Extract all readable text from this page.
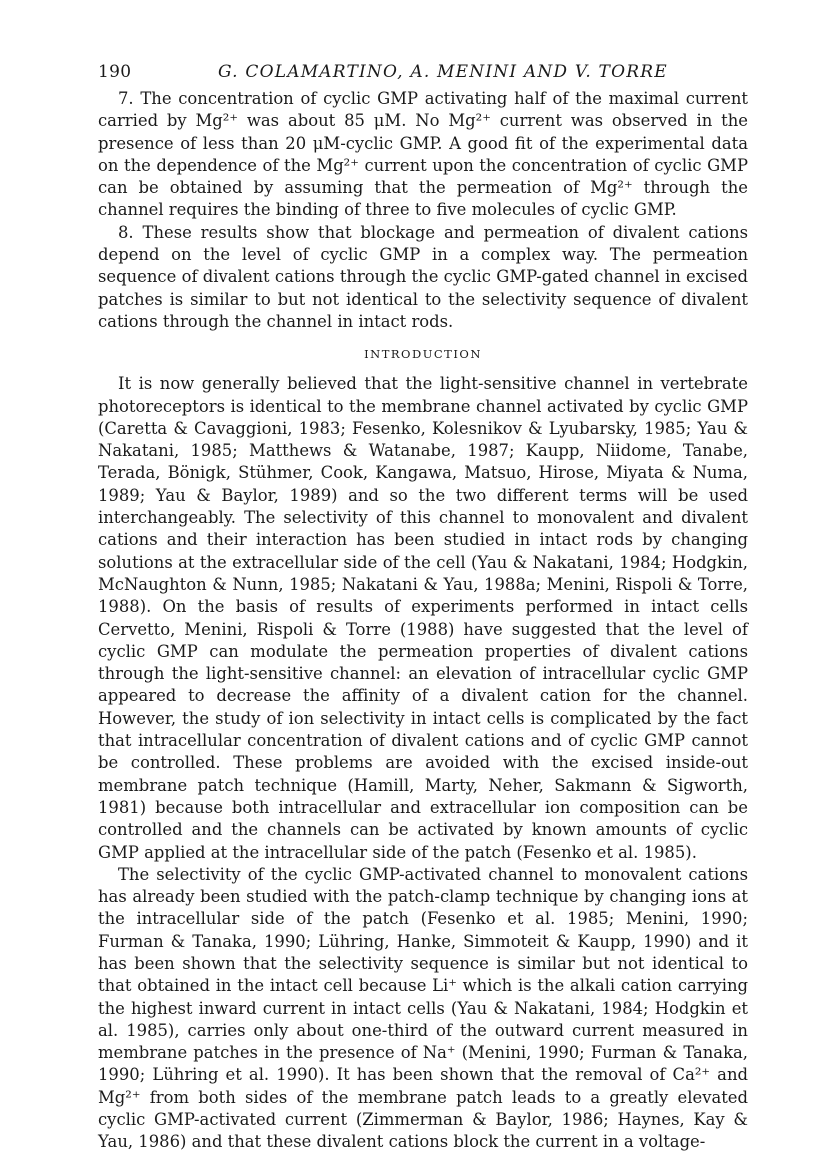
190	G. COLAMARTINO, A. MENINI AND V. TORRE

7. The concentration of cyclic GMP activating half of the maximal current carried by Mg²⁺ was about 85 μM. No Mg²⁺ current was observed in the presence of less than 20 μM-cyclic GMP. A good fit of the experimental data on the dependence of the Mg²⁺ current upon the concentration of cyclic GMP can be obtained by assuming that the permeation of Mg²⁺ through the channel requires the binding of three to five molecules of cyclic GMP.

8. These results show that blockage and permeation of divalent cations depend on the level of cyclic GMP in a complex way. The permeation sequence of divalent cations through the cyclic GMP-gated channel in excised patches is similar to but not identical to the selectivity sequence of divalent cations through the channel in intact rods.

INTRODUCTION

It is now generally believed that the light-sensitive channel in vertebrate photoreceptors is identical to the membrane channel activated by cyclic GMP (Caretta & Cavaggioni, 1983; Fesenko, Kolesnikov & Lyubarsky, 1985; Yau & Nakatani, 1985; Matthews & Watanabe, 1987; Kaupp, Niidome, Tanabe, Terada, Bönigk, Stühmer, Cook, Kangawa, Matsuo, Hirose, Miyata & Numa, 1989; Yau & Baylor, 1989) and so the two different terms will be used interchangeably. The selectivity of this channel to monovalent and divalent cations and their interaction has been studied in intact rods by changing solutions at the extracellular side of the cell (Yau & Nakatani, 1984; Hodgkin, McNaughton & Nunn, 1985; Nakatani & Yau, 1988a; Menini, Rispoli & Torre, 1988). On the basis of results of experiments performed in intact cells Cervetto, Menini, Rispoli & Torre (1988) have suggested that the level of cyclic GMP can modulate the permeation properties of divalent cations through the light-sensitive channel: an elevation of intracellular cyclic GMP appeared to decrease the affinity of a divalent cation for the channel. However, the study of ion selectivity in intact cells is complicated by the fact that intracellular concentration of divalent cations and of cyclic GMP cannot be controlled. These problems are avoided with the excised inside-out membrane patch technique (Hamill, Marty, Neher, Sakmann & Sigworth, 1981) because both intracellular and extracellular ion composition can be controlled and the channels can be activated by known amounts of cyclic GMP applied at the intracellular side of the patch (Fesenko et al. 1985).

The selectivity of the cyclic GMP-activated channel to monovalent cations has already been studied with the patch-clamp technique by changing ions at the intracellular side of the patch (Fesenko et al. 1985; Menini, 1990; Furman & Tanaka, 1990; Lühring, Hanke, Simmoteit & Kaupp, 1990) and it has been shown that the selectivity sequence is similar but not identical to that obtained in the intact cell because Li⁺ which is the alkali cation carrying the highest inward current in intact cells (Yau & Nakatani, 1984; Hodgkin et al. 1985), carries only about one-third of the outward current measured in membrane patches in the presence of Na⁺ (Menini, 1990; Furman & Tanaka, 1990; Lühring et al. 1990). It has been shown that the removal of Ca²⁺ and Mg²⁺ from both sides of the membrane patch leads to a greatly elevated cyclic GMP-activated current (Zimmerman & Baylor, 1986; Haynes, Kay & Yau, 1986) and that these divalent cations block the current in a voltage-
